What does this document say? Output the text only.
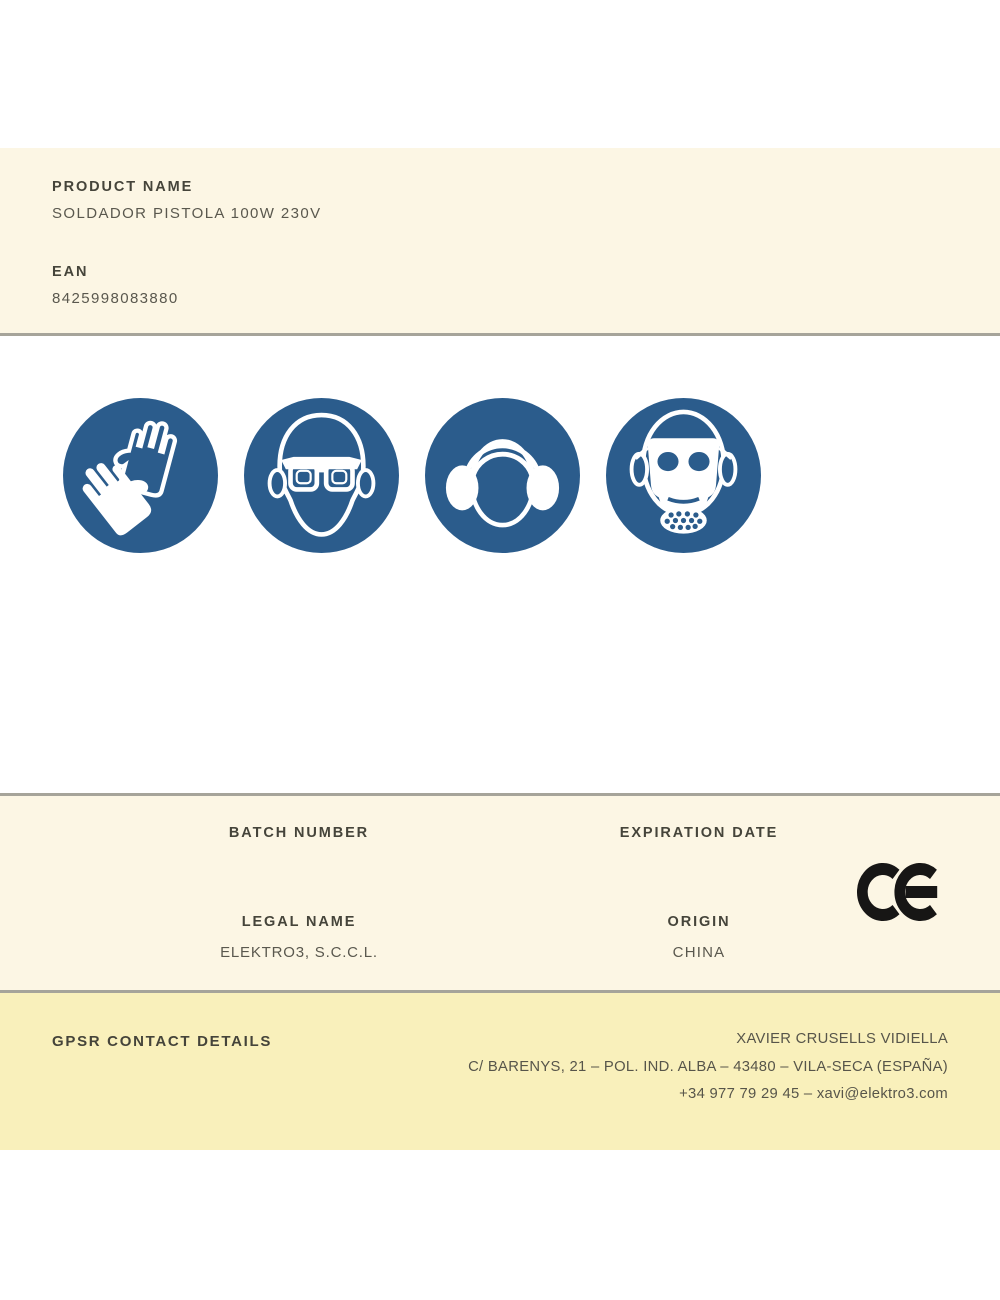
PRODUCT NAME
SOLDADOR PISTOLA 100W 230V
EAN
8425998083880
BATCH NUMBER	EXPIRATION DATE
LEGAL NAME
ELEKTRO3, S.C.C.L.
ORIGIN
CHINA
GPSR CONTACT DETAILS	XAVIER CRUSELLS VIDIELLA
C/ BARENYS, 21 – POL. IND. ALBA – 43480 – VILA-SECA (ESPAÑA)
+34 977 79 29 45 – xavi@elektro3.com
